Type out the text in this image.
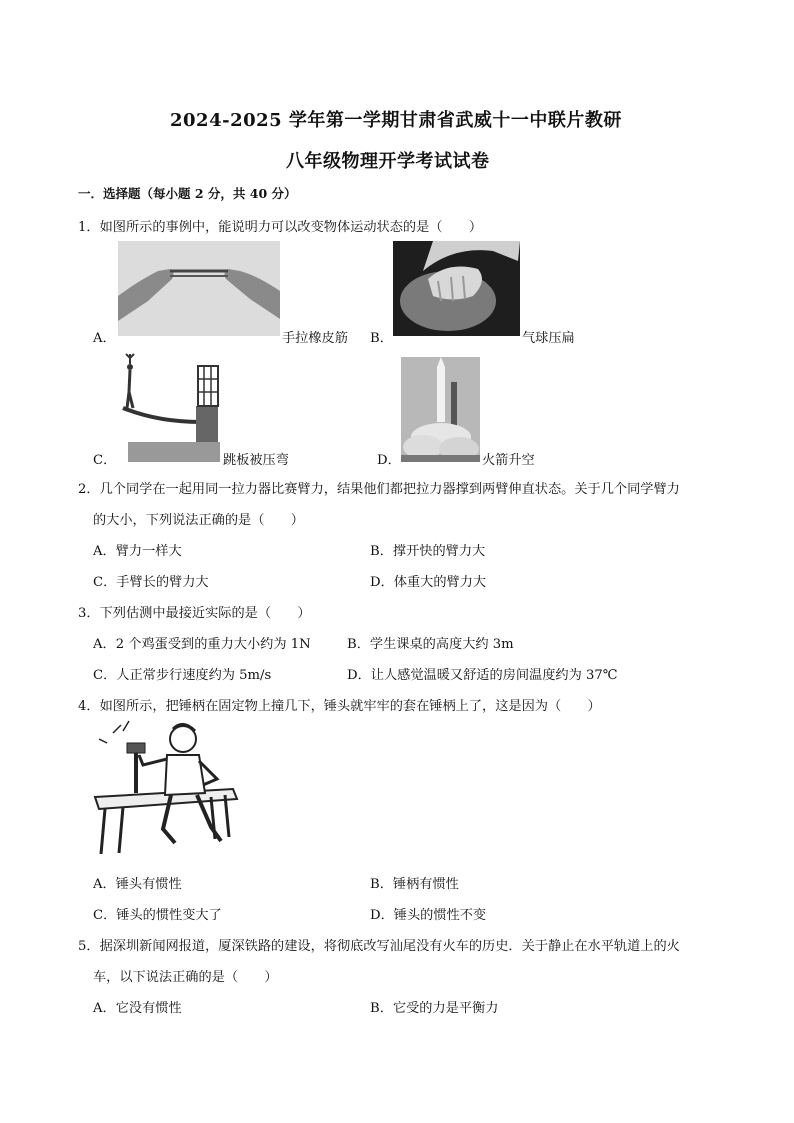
2024-2025 学年第一学期甘肃省武威十一中联片教研
八年级物理开学考试试卷
一．选择题（每小题 2 分，共 40 分）
1．如图所示的事例中，能说明力可以改变物体运动状态的是（　　）
A．	手拉橡皮筋 B．	气球压扁
C．	跳板被压弯	D．	火箭升空
2．几个同学在一起用同一拉力器比赛臂力，结果他们都把拉力器撑到两臂伸直状态。关于几个同学臂力
的大小，下列说法正确的是（　　）
A．臂力一样大	B．撑开快的臂力大
C．手臂长的臂力大	D．体重大的臂力大
3．下列估测中最接近实际的是（　　）
A．2 个鸡蛋受到的重力大小约为 1N	B．学生课桌的高度大约 3m
C．人正常步行速度约为 5m/s	D．让人感觉温暖又舒适的房间温度约为 37℃
4．如图所示，把锤柄在固定物上撞几下，锤头就牢牢的套在锤柄上了，这是因为（　　）
A．锤头有惯性	B．锤柄有惯性
C．锤头的惯性变大了	D．锤头的惯性不变
5．据深圳新闻网报道，厦深铁路的建设，将彻底改写汕尾没有火车的历史．关于静止在水平轨道上的火
车，以下说法正确的是（　　）
A．它没有惯性	B．它受的力是平衡力
